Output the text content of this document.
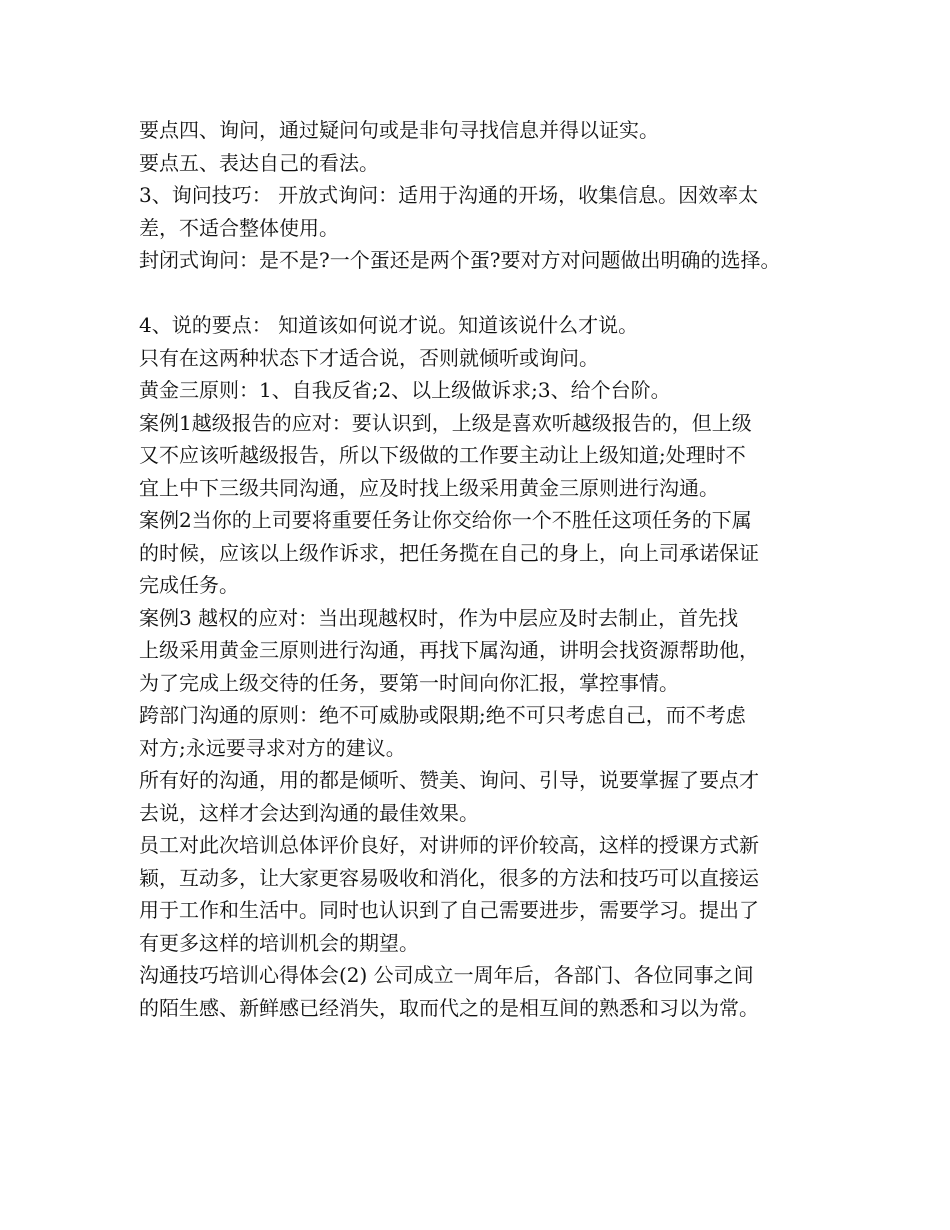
要点四、询问，通过疑问句或是非句寻找信息并得以证实。
要点五、表达自己的看法。
3、询问技巧： 开放式询问：适用于沟通的开场，收集信息。因效率太
差，不适合整体使用。
封闭式询问：是不是?一个蛋还是两个蛋?要对方对问题做出明确的选择。
4、说的要点： 知道该如何说才说。知道该说什么才说。
只有在这两种状态下才适合说，否则就倾听或询问。
黄金三原则：1、自我反省;2、以上级做诉求;3、给个台阶。
案例1越级报告的应对：要认识到，上级是喜欢听越级报告的，但上级
又不应该听越级报告，所以下级做的工作要主动让上级知道;处理时不
宜上中下三级共同沟通，应及时找上级采用黄金三原则进行沟通。
案例2当你的上司要将重要任务让你交给你一个不胜任这项任务的下属
的时候，应该以上级作诉求，把任务揽在自己的身上，向上司承诺保证
完成任务。
案例3 越权的应对：当出现越权时，作为中层应及时去制止，首先找
上级采用黄金三原则进行沟通，再找下属沟通，讲明会找资源帮助他，
为了完成上级交待的任务，要第一时间向你汇报，掌控事情。
跨部门沟通的原则：绝不可威胁或限期;绝不可只考虑自己，而不考虑
对方;永远要寻求对方的建议。
所有好的沟通，用的都是倾听、赞美、询问、引导，说要掌握了要点才
去说，这样才会达到沟通的最佳效果。
员工对此次培训总体评价良好，对讲师的评价较高，这样的授课方式新
颖，互动多，让大家更容易吸收和消化，很多的方法和技巧可以直接运
用于工作和生活中。同时也认识到了自己需要进步，需要学习。提出了
有更多这样的培训机会的期望。
沟通技巧培训心得体会(2) 公司成立一周年后，各部门、各位同事之间
的陌生感、新鲜感已经消失，取而代之的是相互间的熟悉和习以为常。
